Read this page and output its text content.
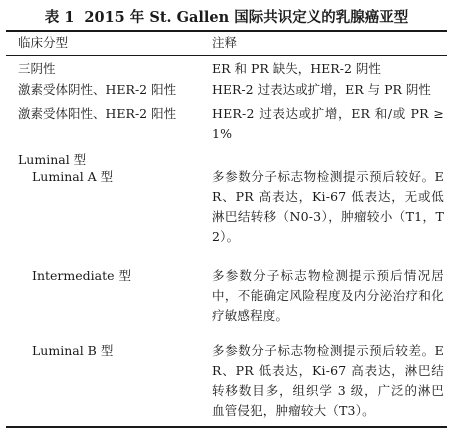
表 1 2015 年 St. Gallen 国际共识定义的乳腺癌亚型
临床分型	注释
三阴性	ER 和 PR 缺失，HER-2 阴性
激素受体阴性、HER-2 阳性	HER-2 过表达或扩增，ER 与 PR 阴性
激素受体阳性、HER-2 阳性	HER-2 过表达或扩增，ER 和/或 PR ≥1%
Luminal 型
Luminal A 型	多参数分子标志物检测提示预后较好。ER、PR 高表达，Ki-67 低表达，无或低淋巴结转移（N0-3），肿瘤较小（T1，T2）。
Intermediate 型	多参数分子标志物检测提示预后情况居中，不能确定风险程度及内分泌治疗和化疗敏感程度。
Luminal B 型	多参数分子标志物检测提示预后较差。ER、PR 低表达，Ki-67 高表达，淋巴结转移数目多，组织学 3 级，广泛的淋巴血管侵犯，肿瘤较大（T3）。
